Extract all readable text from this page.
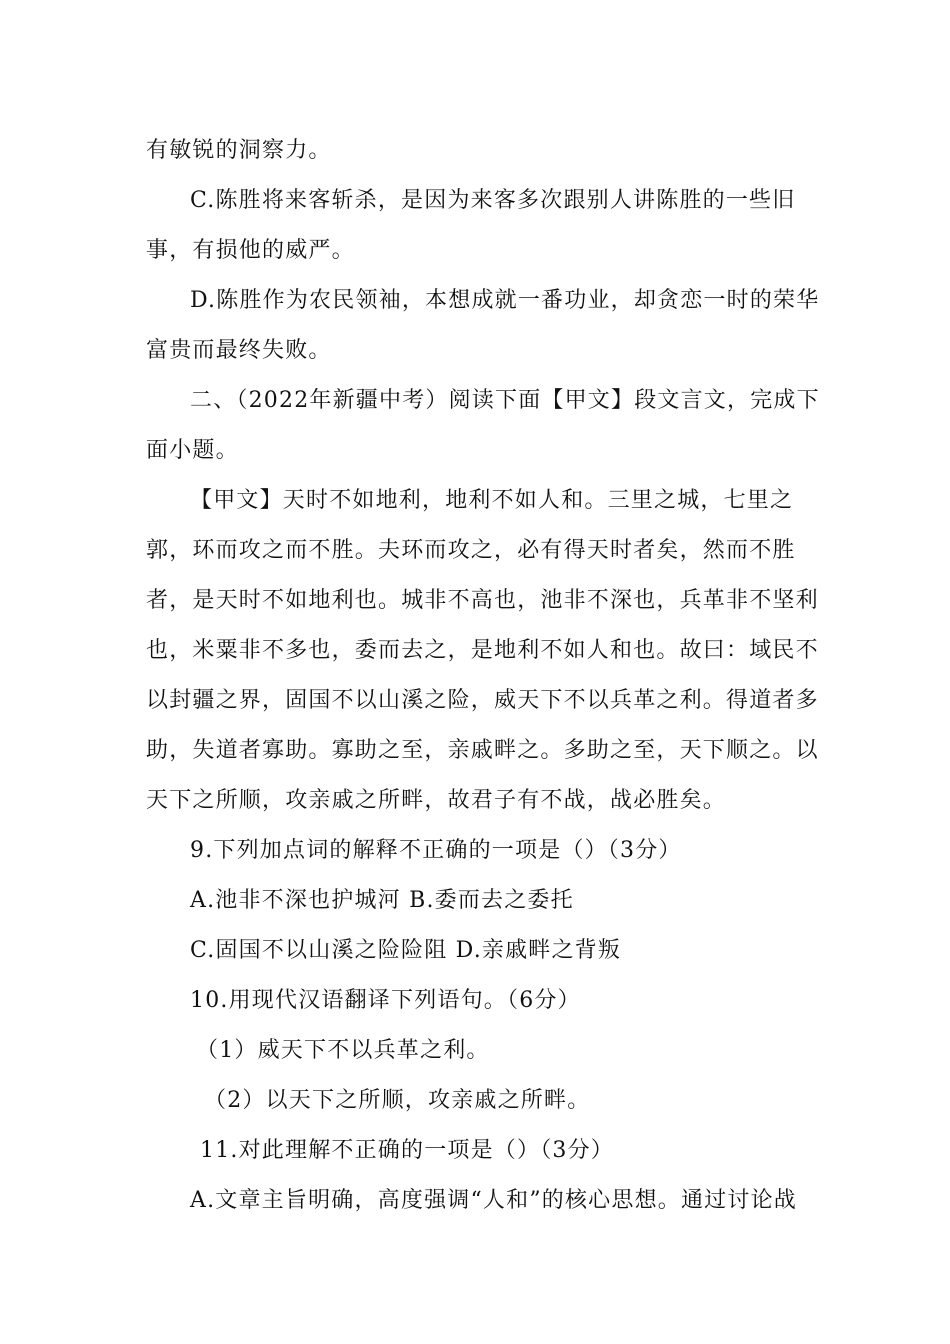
有敏锐的洞察力。
C.陈胜将来客斩杀，是因为来客多次跟别人讲陈胜的一些旧
事，有损他的威严。
D.陈胜作为农民领袖，本想成就一番功业，却贪恋一时的荣华
富贵而最终失败。
二、（2022年新疆中考）阅读下面【甲文】段文言文，完成下
面小题。
【甲文】天时不如地利，地利不如人和。三里之城，七里之
郭，环而攻之而不胜。夫环而攻之，必有得天时者矣，然而不胜
者，是天时不如地利也。城非不高也，池非不深也，兵革非不坚利
也，米粟非不多也，委而去之，是地利不如人和也。故曰：域民不
以封疆之界，固国不以山溪之险，威天下不以兵革之利。得道者多
助，失道者寡助。寡助之至，亲戚畔之。多助之至，天下顺之。以
天下之所顺，攻亲戚之所畔，故君子有不战，战必胜矣。
9.下列加点词的解释不正确的一项是（）（3分）
A.池非不深也护城河 B.委而去之委托
C.固国不以山溪之险险阻 D.亲戚畔之背叛
10.用现代汉语翻译下列语句。（6分）
（1）威天下不以兵革之利。
（2）以天下之所顺，攻亲戚之所畔。
11.对此理解不正确的一项是（）（3分）
A.文章主旨明确，高度强调“人和”的核心思想。通过讨论战
